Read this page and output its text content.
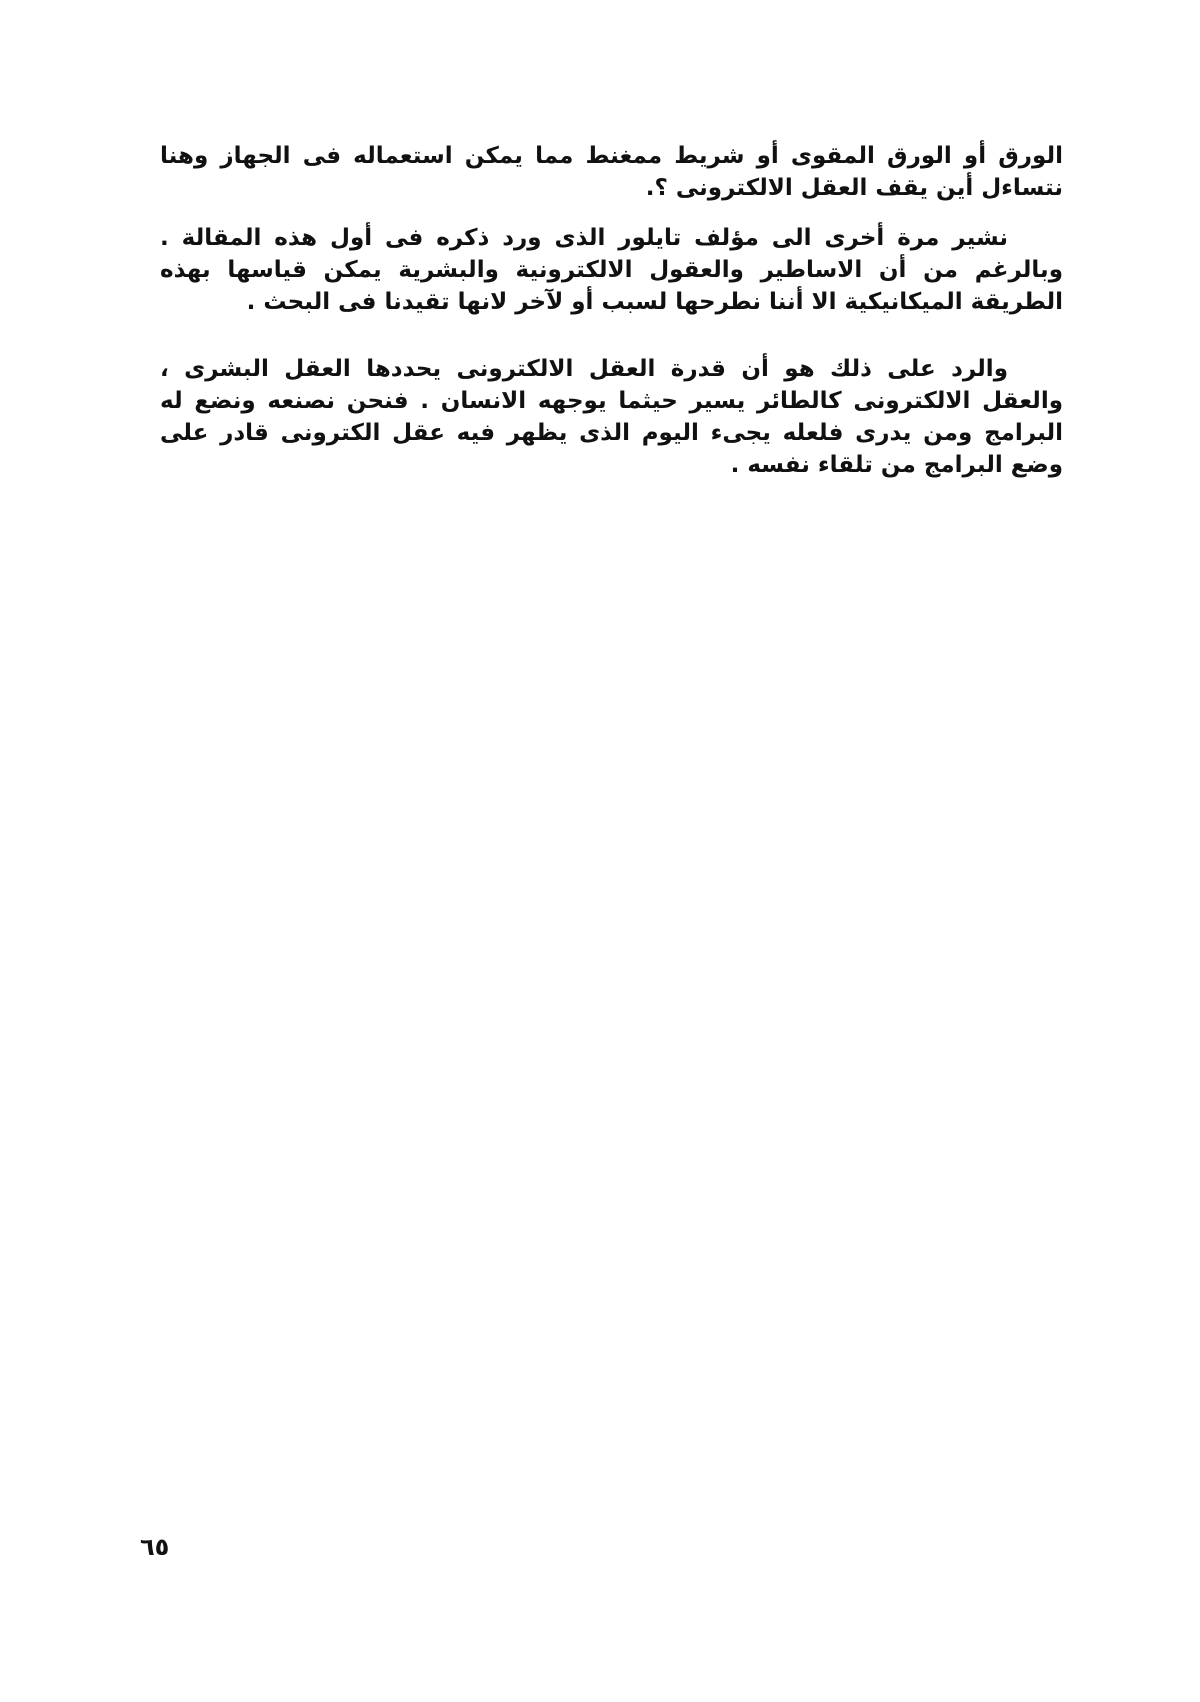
الورق أو الورق المقوى أو شريط ممغنط مما يمكن استعماله فى الجهاز وهنا نتساءل أين يقف العقل الالكترونى ؟.

نشير مرة أخرى الى مؤلف تايلور الذى ورد ذكره فى أول هذه المقالة . وبالرغم من أن الاساطير والعقول الالكترونية والبشرية يمكن قياسها بهذه الطريقة الميكانيكية الا أننا نطرحها لسبب أو لآخر لانها تقيدنا فى البحث .

والرد على ذلك هو أن قدرة العقل الالكترونى يحددها العقل البشرى ، والعقل الالكترونى كالطائر يسير حيثما يوجهه الانسان . فنحن نصنعه ونضع له البرامج ومن يدرى فلعله يجىء اليوم الذى يظهر فيه عقل الكترونى قادر على وضع البرامج من تلقاء نفسه .

٦٥
